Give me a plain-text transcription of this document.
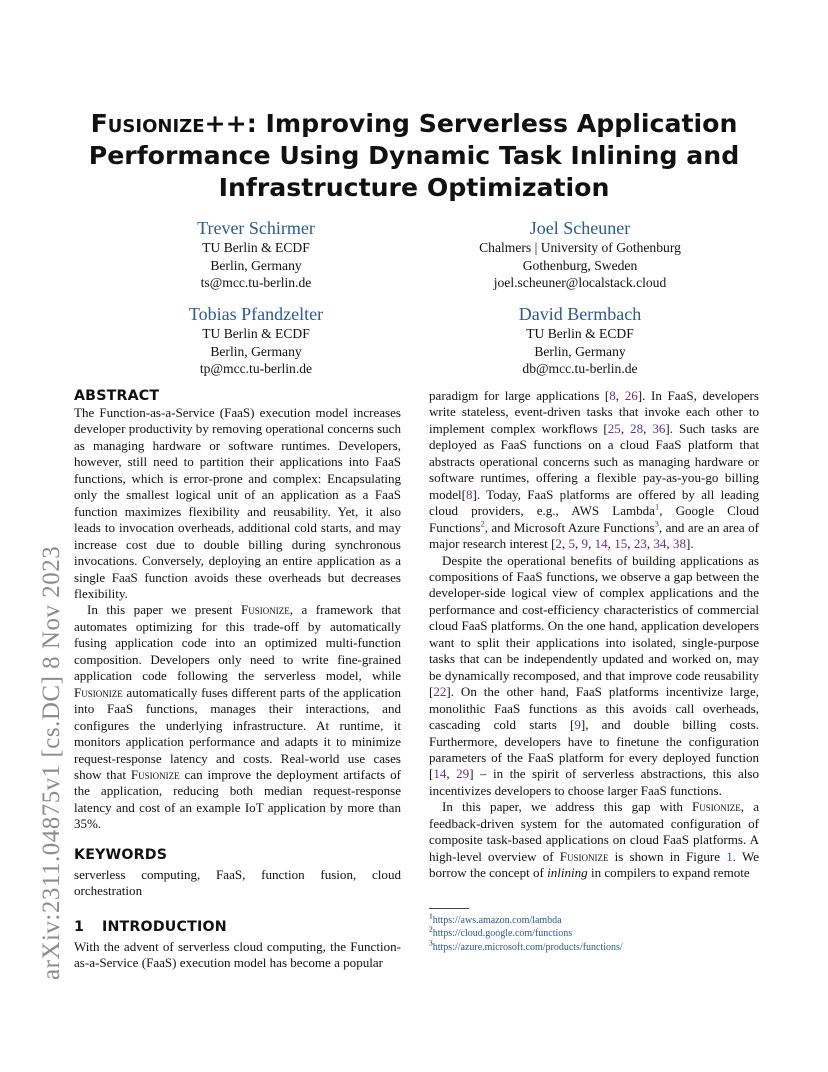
arXiv:2311.04875v1 [cs.DC] 8 Nov 2023
Fusionize++: Improving Serverless Application
Performance Using Dynamic Task Inlining and
Infrastructure Optimization
Trever Schirmer
TU Berlin & ECDF
Berlin, Germany
ts@mcc.tu-berlin.de
Joel Scheuner
Chalmers | University of Gothenburg
Gothenburg, Sweden
joel.scheuner@localstack.cloud
Tobias Pfandzelter
TU Berlin & ECDF
Berlin, Germany
tp@mcc.tu-berlin.de
David Bermbach
TU Berlin & ECDF
Berlin, Germany
db@mcc.tu-berlin.de
ABSTRACT

The Function-as-a-Service (FaaS) execution model increases developer productivity by removing operational concerns such as managing hardware or software runtimes. Developers, however, still need to partition their applications into FaaS functions, which is error-prone and complex: Encapsulating only the smallest logical unit of an application as a FaaS function maximizes flexibility and reusability. Yet, it also leads to invocation overheads, additional cold starts, and may increase cost due to double billing during synchronous invocations. Conversely, deploying an entire application as a single FaaS function avoids these overheads but decreases flexibility.

In this paper we present Fusionize, a framework that automates optimizing for this trade-off by automatically fusing application code into an optimized multi-function composition. Developers only need to write fine-grained application code following the serverless model, while Fusionize automatically fuses different parts of the application into FaaS functions, manages their interactions, and configures the underlying infrastructure. At runtime, it monitors application performance and adapts it to minimize request-response latency and costs. Real-world use cases show that Fusionize can improve the deployment artifacts of the application, reducing both median request-response latency and cost of an example IoT application by more than 35%.

KEYWORDS

serverless computing, FaaS, function fusion, cloud orchestration

1 INTRODUCTION

With the advent of serverless cloud computing, the Function-as-a-Service (FaaS) execution model has become a popular

paradigm for large applications [8, 26]. In FaaS, developers write stateless, event-driven tasks that invoke each other to implement complex workflows [25, 28, 36]. Such tasks are deployed as FaaS functions on a cloud FaaS platform that abstracts operational concerns such as managing hardware or software runtimes, offering a flexible pay-as-you-go billing model[8]. Today, FaaS platforms are offered by all leading cloud providers, e.g., AWS Lambda$^1$, Google Cloud Functions$^2$, and Microsoft Azure Functions$^3$, and are an area of major research interest [2, 5, 9, 14, 15, 23, 34, 38].

Despite the operational benefits of building applications as compositions of FaaS functions, we observe a gap between the developer-side logical view of complex applications and the performance and cost-efficiency characteristics of commercial cloud FaaS platforms. On the one hand, application developers want to split their applications into isolated, single-purpose tasks that can be independently updated and worked on, may be dynamically recomposed, and that improve code reusability [22]. On the other hand, FaaS platforms incentivize large, monolithic FaaS functions as this avoids call overheads, cascading cold starts [9], and double billing costs. Furthermore, developers have to finetune the configuration parameters of the FaaS platform for every deployed function [14, 29] – in the spirit of serverless abstractions, this also incentivizes developers to choose larger FaaS functions.

In this paper, we address this gap with Fusionize, a feedback-driven system for the automated configuration of composite task-based applications on cloud FaaS platforms. A high-level overview of Fusionize is shown in Figure 1. We borrow the concept of inlining in compilers to expand remote

$^1$https://aws.amazon.com/lambda
$^2$https://cloud.google.com/functions
$^3$https://azure.microsoft.com/products/functions/
